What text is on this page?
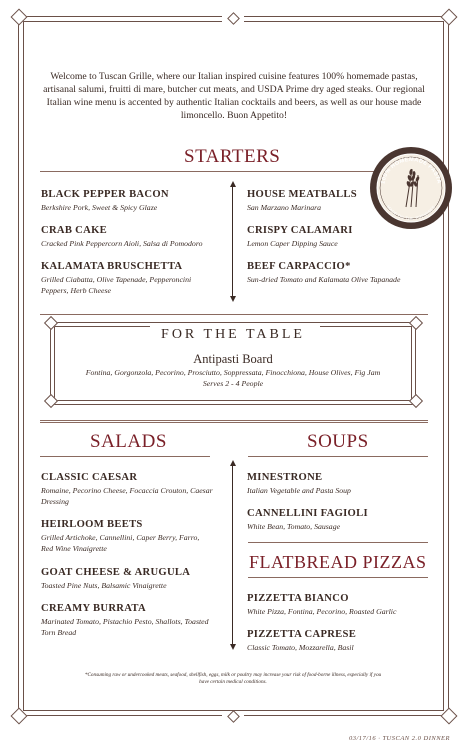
Welcome to Tuscan Grille, where our Italian inspired cuisine features 100% homemade pastas, artisanal salumi, fruitti di mare, butcher cut meats, and USDA Prime dry aged steaks. Our regional Italian wine menu is accented by authentic Italian cocktails and beers, as well as our house made limoncello. Buon Appetito!
STARTERS
BLACK PEPPER BACON
Berkshire Pork, Sweet & Spicy Glaze
CRAB CAKE
Cracked Pink Peppercorn Aioli, Salsa di Pomodoro
KALAMATA BRUSCHETTA
Grilled Ciabatta, Olive Tapenade, Pepperoncini Peppers, Herb Cheese
HOUSE MEATBALLS
San Marzano Marinara
CRISPY CALAMARI
Lemon Caper Dipping Sauce
BEEF CARPACCIO*
Sun-dried Tomato and Kalamata Olive Tapanade
100% HOMEMADE PASTA
MADE ON THE PREMISES
FOR THE TABLE
Antipasti Board
Fontina, Gorgonzola, Pecorino, Prosciutto, Soppressata, Finocchiona, House Olives, Fig Jam
Serves 2 - 4 People
SALADS
CLASSIC CAESAR
Romaine, Pecorino Cheese, Focaccia Crouton, Caesar Dressing
HEIRLOOM BEETS
Grilled Artichoke, Cannellini, Caper Berry, Farro, Red Wine Vinaigrette
GOAT CHEESE & ARUGULA
Toasted Pine Nuts, Balsamic Vinaigrette
CREAMY BURRATA
Marinated Tomato, Pistachio Pesto, Shallots, Toasted Torn Bread
SOUPS
MINESTRONE
Italian Vegetable and Pasta Soup
CANNELLINI FAGIOLI
White Bean, Tomato, Sausage
FLATBREAD PIZZAS
PIZZETTA BIANCO
White Pizza, Fontina, Pecorino, Roasted Garlic
PIZZETTA CAPRESE
Classic Tomato, Mozzarella, Basil
*Consuming raw or undercooked meats, seafood, shellfish, eggs, milk or poultry may increase your risk of food-borne illness, especially if you have certain medical conditions.
03/17/16 · TUSCAN 2.0 DINNER
